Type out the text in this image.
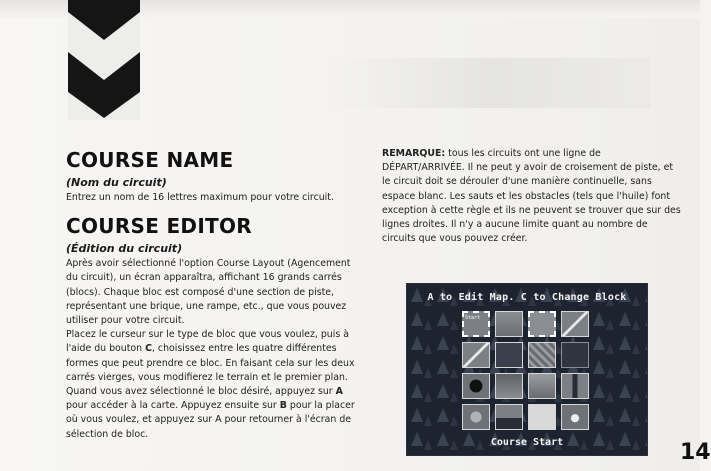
COURSE NAME
(Nom du circuit)

Entrez un nom de 16 lettres maximum pour votre circuit.

COURSE EDITOR
(Édition du circuit)

Après avoir sélectionné l'option Course Layout (Agencement du circuit), un écran apparaîtra, affichant 16 grands carrés (blocs). Chaque bloc est composé d'une section de piste, représentant une brique, une rampe, etc., que vous pouvez utiliser pour votre circuit.

Placez le curseur sur le type de bloc que vous voulez, puis à l'aide du bouton C, choisissez entre les quatre différentes formes que peut prendre ce bloc. En faisant cela sur les deux carrés vierges, vous modifierez le terrain et le premier plan. Quand vous avez sélectionné le bloc désiré, appuyez sur A pour accéder à la carte. Appuyez ensuite sur B pour la placer où vous voulez, et appuyez sur A pour retourner à l'écran de sélection de bloc.

REMARQUE: tous les circuits ont une ligne de DÉPART/ARRIVÉE. Il ne peut y avoir de croisement de piste, et le circuit doit se dérouler d'une manière continuelle, sans espace blanc. Les sauts et les obstacles (tels que l'huile) font exception à cette règle et ils ne peuvent se trouver que sur des lignes droites. Il n'y a aucune limite quant au nombre de circuits que vous pouvez créer.

A to Edit Map. C to Change Block
Start
Course Start	14
